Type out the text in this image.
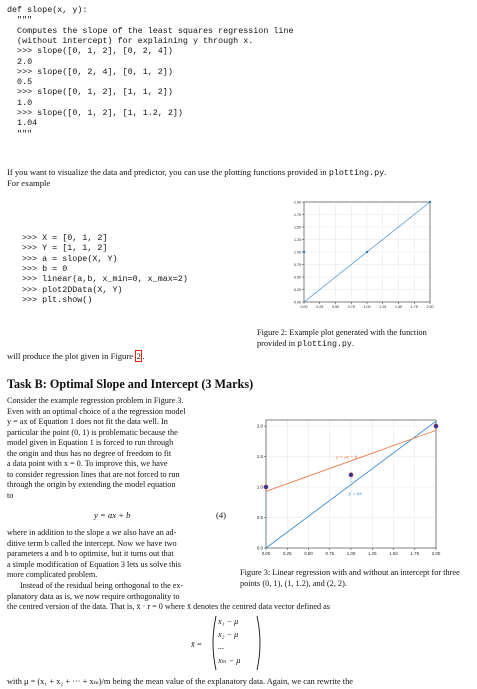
def slope(x, y):
"""
Computes the slope of the least squares regression line
(without intercept) for explaining y through x.
>>> slope([0, 1, 2], [0, 2, 4])
2.0
>>> slope([0, 2, 4], [0, 1, 2])
0.5
>>> slope([0, 1, 2], [1, 1, 2])
1.0
>>> slope([0, 1, 2], [1, 1.2, 2])
1.04
"""
If you want to visualize the data and predictor, you can use the plotting functions provided in plotting.py.
For example
>>> X = [0, 1, 2]
>>> Y = [1, 1, 2]
>>> a = slope(X, Y)
>>> b = 0
>>> linear(a,b, x_min=0, x_max=2)
>>> plot2DData(X, Y)
>>> plt.show()
0.00 0.25 0.50 0.75 1.00 1.25 1.50 1.75 2.00
0.00
0.25
0.50
0.75
1.00
1.25
1.50
1.75
2.00
Figure 2: Example plot generated with the function
provided in plotting.py.
will produce the plot given in Figure 2 .
Task B: Optimal Slope and Intercept (3 Marks)
Consider the example regression problem in Figure 3.
Even with an optimal choice of a the regression model
y = ax of Equation 1 does not fit the data well. In
particular the point (0, 1) is problematic because the
model given in Equation 1 is forced to run through
the origin and thus has no degree of freedom to fit
a data point with x = 0. To improve this, we have
to consider regression lines that are not forced to run
through the origin by extending the model equation
to
y = ax + b	(4)
where in addition to the slope a we also have an ad-
ditive term b called the intercept. Now we have two
parameters a and b to optimise, but it turns out that
a simple modification of Equation 3 lets us solve this
more complicated problem.
0.00	0.25	0.50	0.75	1.00	1.25	1.50	1.75	2.00
0.0
0.5
1.0
1.5
2.0
y = ax
y = ax + b
Figure 3: Linear regression with and without an intercept for three points (0, 1), (1, 1.2), and (2, 2).
Instead of the residual being orthogonal to the ex-
planatory data as is, we now require orthogonality to
the centred version of the data. That is, x̄ · r = 0 where x̄ denotes the centred data vector defined as
x̄ =
x₁ − μ
x₂ − μ
...
xₘ − μ
with μ = (x₁ + x₂ + ··· + xₘ)/m being the mean value of the explanatory data. Again, we can rewrite the
